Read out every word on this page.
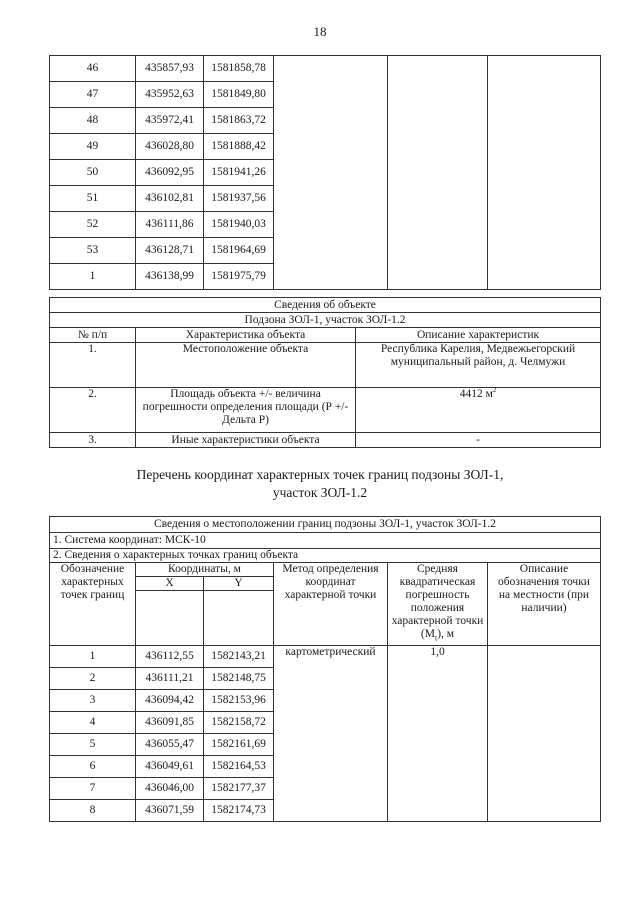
18
46	435857,93	1581858,78			
47	435952,63	1581849,80			
48	435972,41	1581863,72			
49	436028,80	1581888,42			
50	436092,95	1581941,26			
51	436102,81	1581937,56			
52	436111,86	1581940,03			
53	436128,71	1581964,69			
1	436138,99	1581975,79			
Сведения об объекте		
Подзона ЗОЛ-1, участок ЗОЛ-1.2		
№ п/п	Характеристика объекта	Описание характеристик
1.	Местоположение объекта	Республика Карелия, Медвежьегорский муниципальный район, д. Челмужи
2.	Площадь объекта +/- величина погрешности определения площади (Р +/- Дельта Р)	4412 $м^2$
3.	Иные характеристики объекта	-
Перечень координат характерных точек границ подзоны ЗОЛ-1,
участок ЗОЛ-1.2
Сведения о местоположении границ подзоны ЗОЛ-1, участок ЗОЛ-1.2					
1. Система координат: МСК-10					
2. Сведения о характерных точках границ объекта					
Обозначение характерных точек границ	Координаты, м		Метод определения координат характерной точки	Средняя квадратическая погрешность положения характерной точки $(М_t)$, м	Описание обозначения точки на местности (при наличии)
	X	Y			

1	436112,55	1582143,21	картометрический	1,0	
2	436111,21	1582148,75			
3	436094,42	1582153,96			
4	436091,85	1582158,72			
5	436055,47	1582161,69			
6	436049,61	1582164,53			
7	436046,00	1582177,37			
8	436071,59	1582174,73			
